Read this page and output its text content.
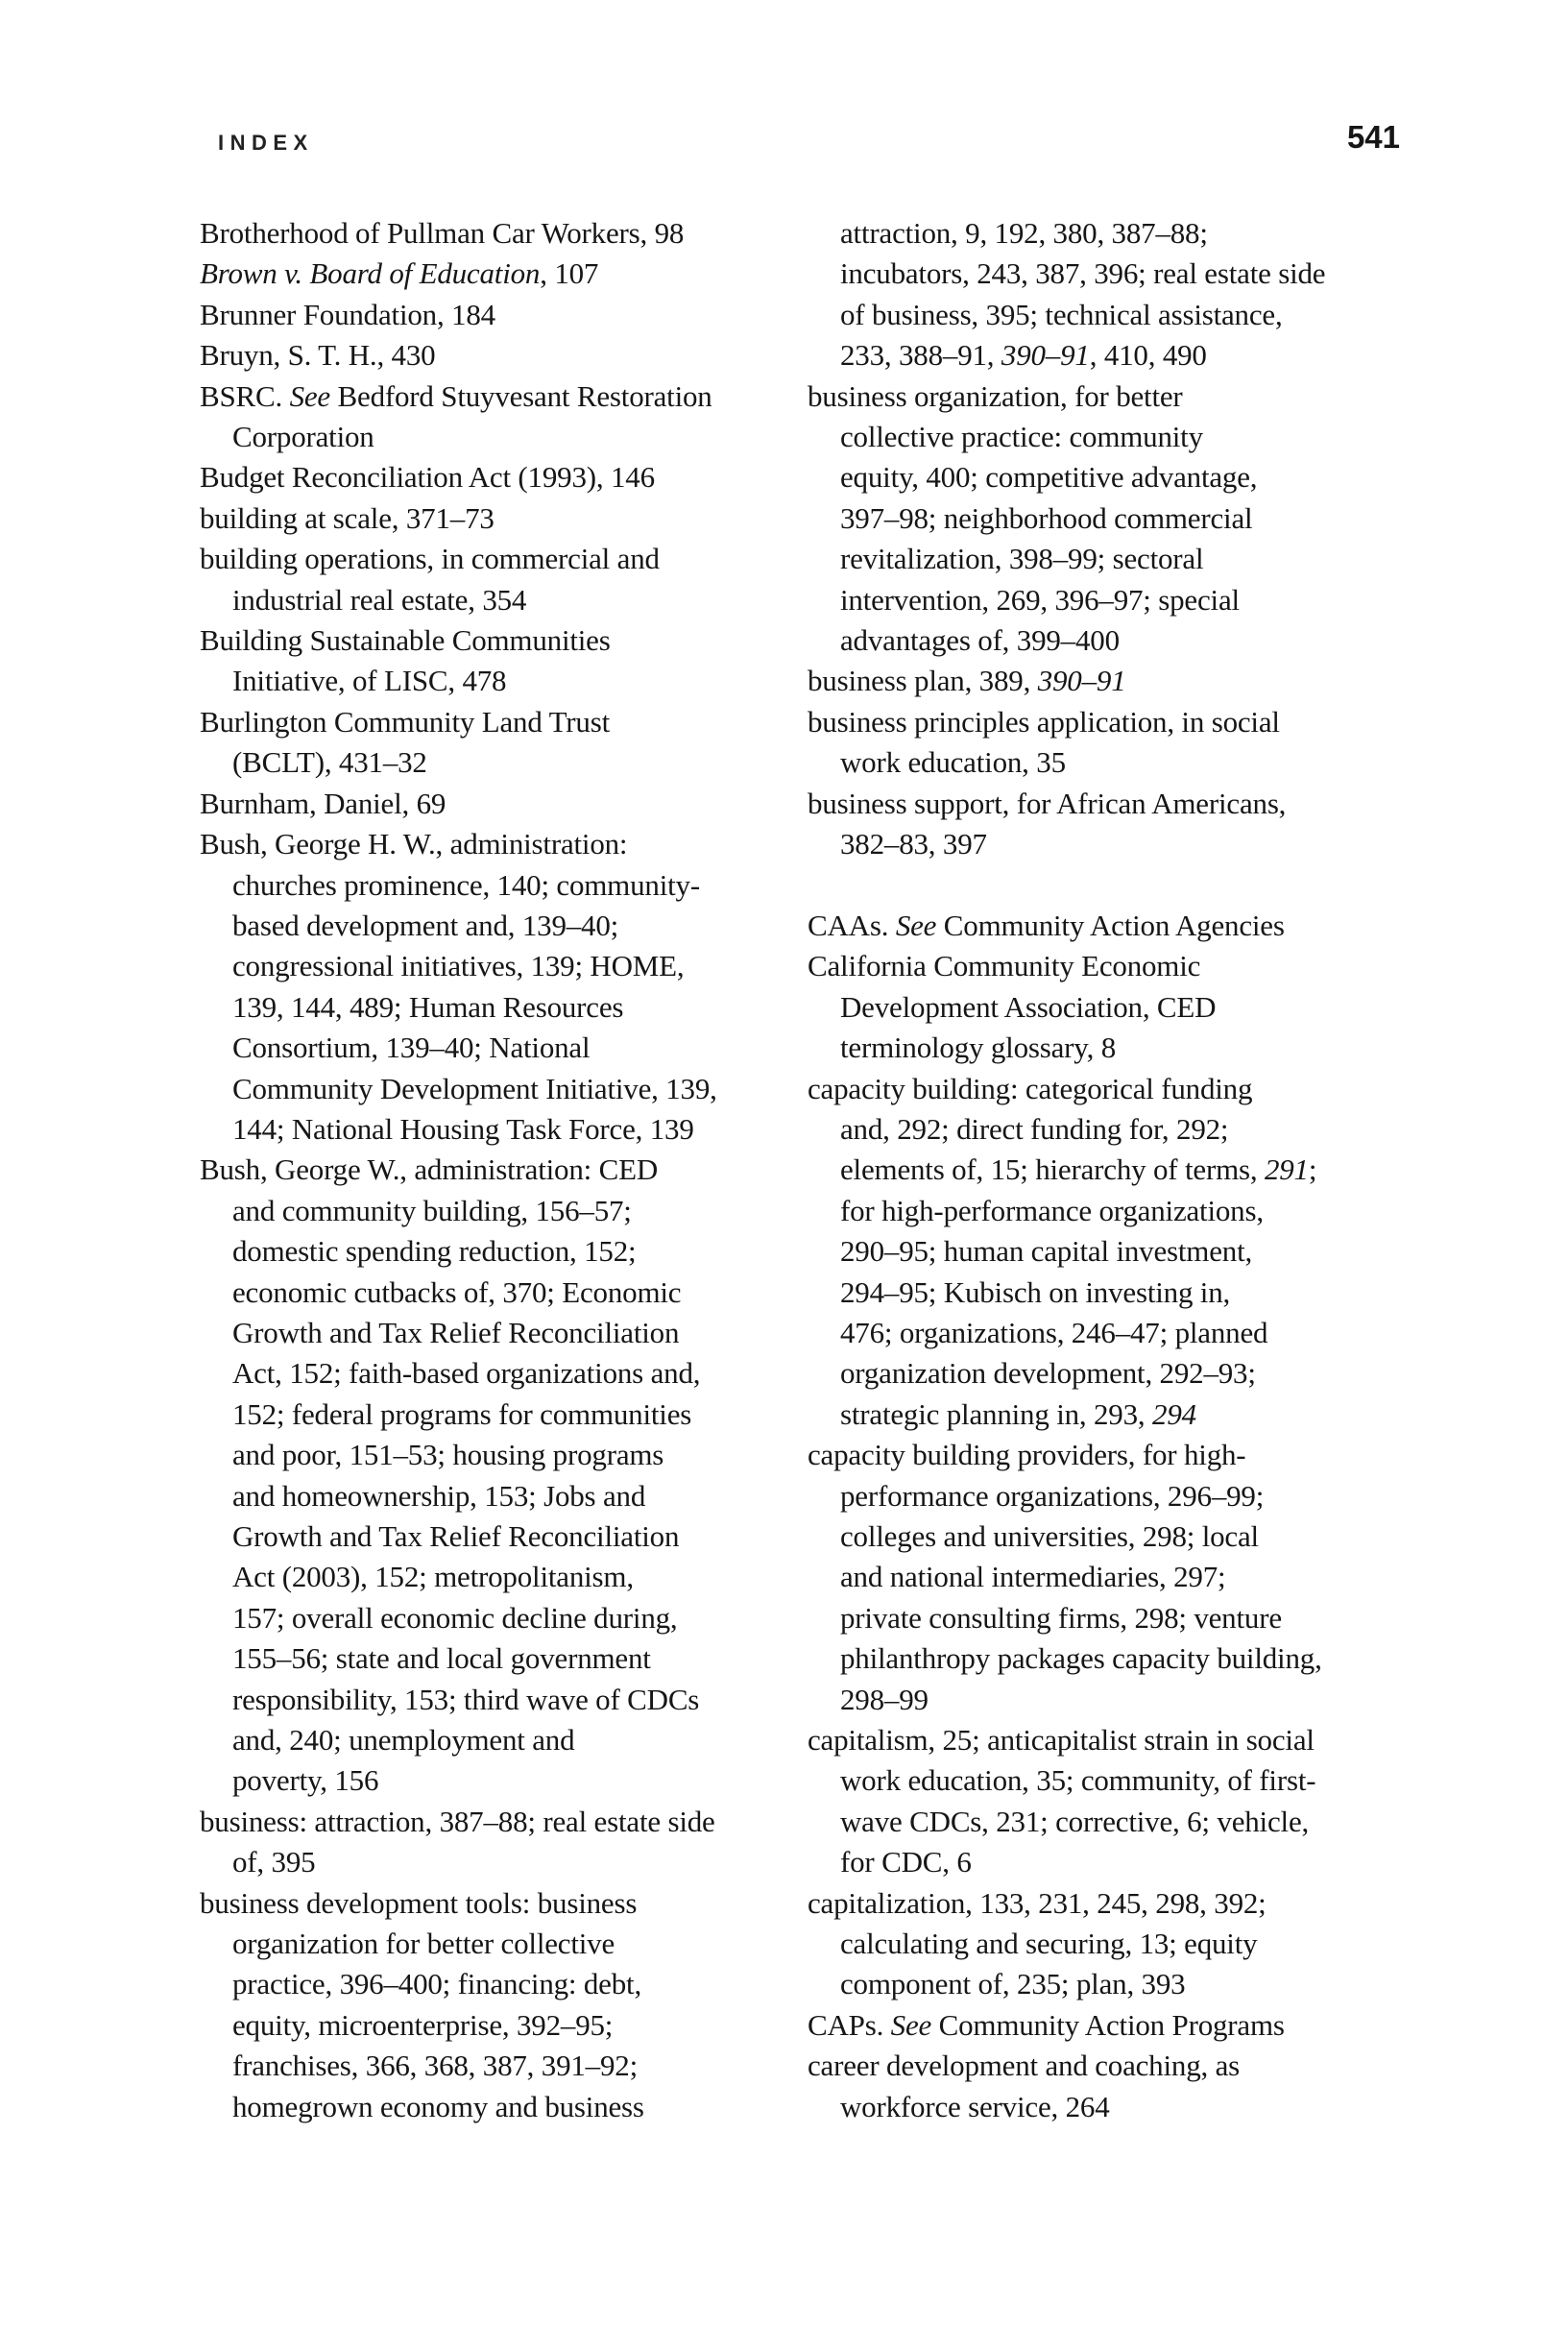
INDEX	541
Brotherhood of Pullman Car Workers, 98
Brown v. Board of Education, 107
Brunner Foundation, 184
Bruyn, S. T. H., 430
BSRC. See Bedford Stuyvesant Restoration
Corporation
Budget Reconciliation Act (1993), 146
building at scale, 371–73
building operations, in commercial and
industrial real estate, 354
Building Sustainable Communities
Initiative, of LISC, 478
Burlington Community Land Trust
(BCLT), 431–32
Burnham, Daniel, 69
Bush, George H. W., administration:
churches prominence, 140; community-
based development and, 139–40;
congressional initiatives, 139; HOME,
139, 144, 489; Human Resources
Consortium, 139–40; National
Community Development Initiative, 139,
144; National Housing Task Force, 139
Bush, George W., administration: CED
and community building, 156–57;
domestic spending reduction, 152;
economic cutbacks of, 370; Economic
Growth and Tax Relief Reconciliation
Act, 152; faith-based organizations and,
152; federal programs for communities
and poor, 151–53; housing programs
and homeownership, 153; Jobs and
Growth and Tax Relief Reconciliation
Act (2003), 152; metropolitanism,
157; overall economic decline during,
155–56; state and local government
responsibility, 153; third wave of CDCs
and, 240; unemployment and
poverty, 156
business: attraction, 387–88; real estate side
of, 395
business development tools: business
organization for better collective
practice, 396–400; financing: debt,
equity, microenterprise, 392–95;
franchises, 366, 368, 387, 391–92;
homegrown economy and business
attraction, 9, 192, 380, 387–88;
incubators, 243, 387, 396; real estate side
of business, 395; technical assistance,
233, 388–91, 390–91, 410, 490
business organization, for better
collective practice: community
equity, 400; competitive advantage,
397–98; neighborhood commercial
revitalization, 398–99; sectoral
intervention, 269, 396–97; special
advantages of, 399–400
business plan, 389, 390–91
business principles application, in social
work education, 35
business support, for African Americans,
382–83, 397
CAAs. See Community Action Agencies
California Community Economic
Development Association, CED
terminology glossary, 8
capacity building: categorical funding
and, 292; direct funding for, 292;
elements of, 15; hierarchy of terms, 291;
for high-performance organizations,
290–95; human capital investment,
294–95; Kubisch on investing in,
476; organizations, 246–47; planned
organization development, 292–93;
strategic planning in, 293, 294
capacity building providers, for high-
performance organizations, 296–99;
colleges and universities, 298; local
and national intermediaries, 297;
private consulting firms, 298; venture
philanthropy packages capacity building,
298–99
capitalism, 25; anticapitalist strain in social
work education, 35; community, of first-
wave CDCs, 231; corrective, 6; vehicle,
for CDC, 6
capitalization, 133, 231, 245, 298, 392;
calculating and securing, 13; equity
component of, 235; plan, 393
CAPs. See Community Action Programs
career development and coaching, as
workforce service, 264
